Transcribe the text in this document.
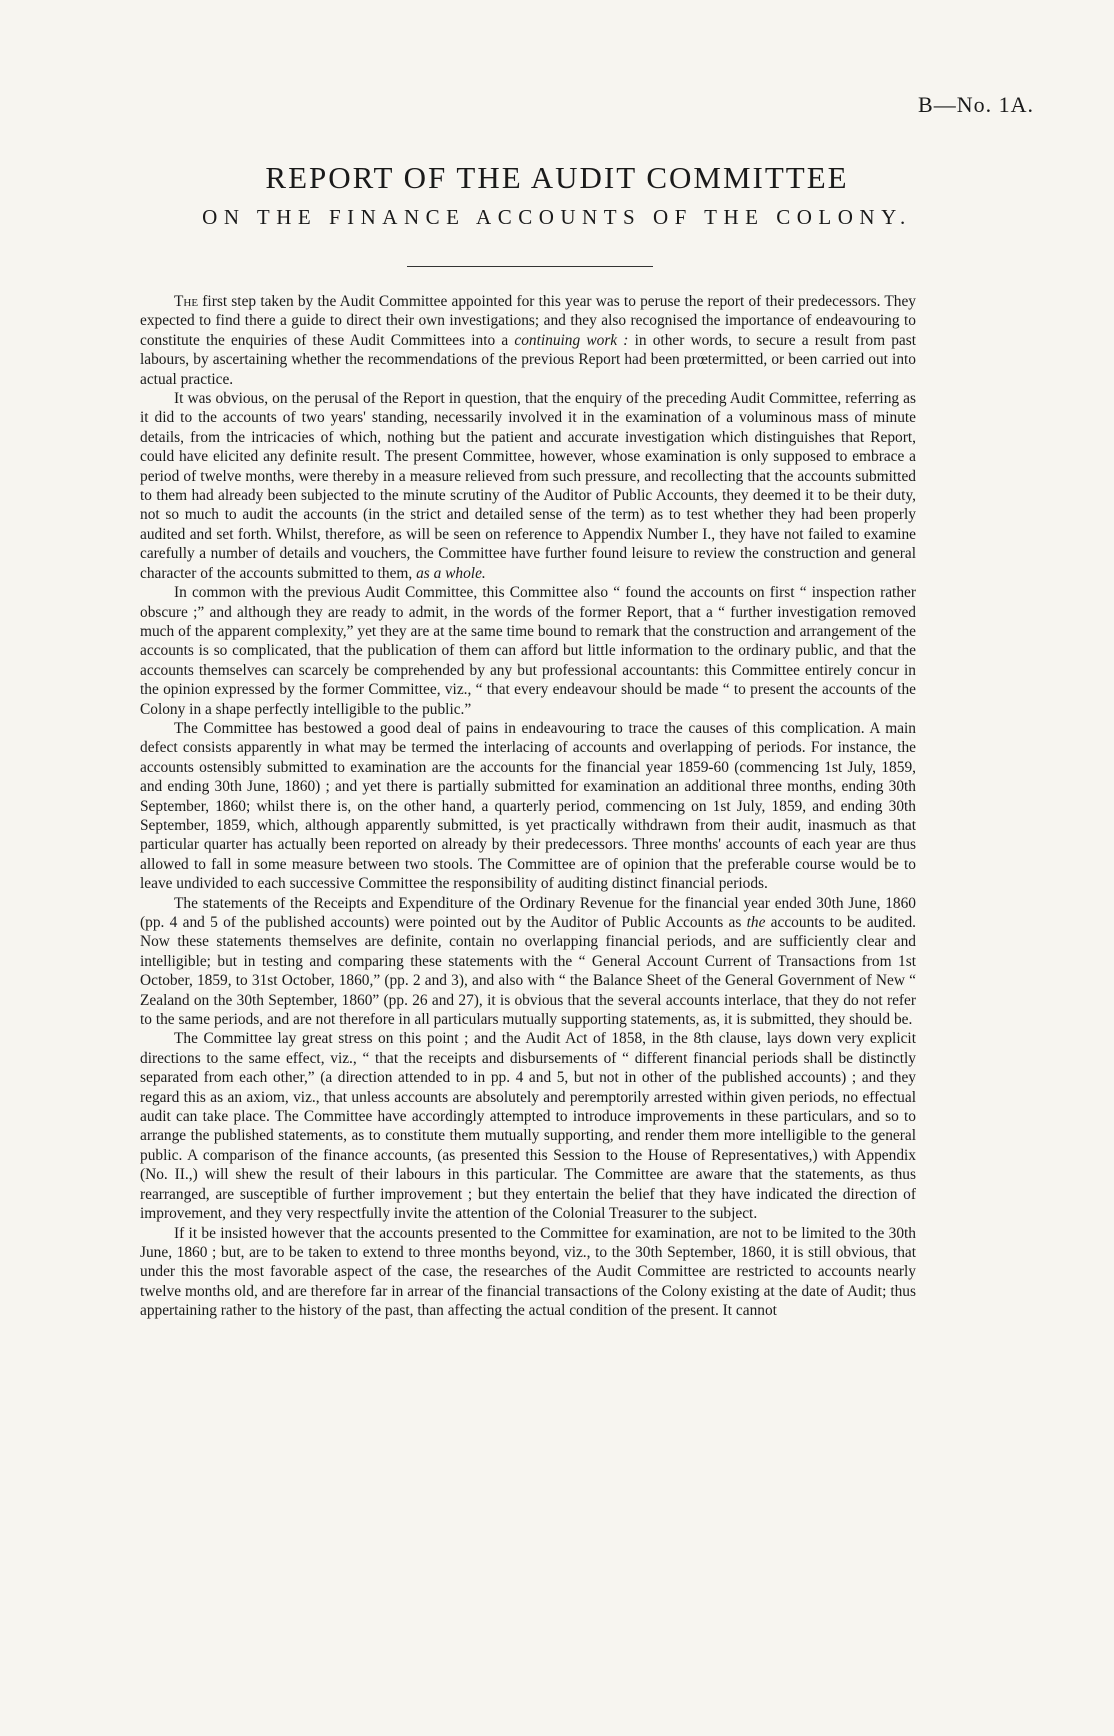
B—No. 1A.
REPORT OF THE AUDIT COMMITTEE
ON THE FINANCE ACCOUNTS OF THE COLONY.

The first step taken by the Audit Committee appointed for this year was to peruse the report of their predecessors. They expected to find there a guide to direct their own investigations; and they also recognised the importance of endeavouring to constitute the enquiries of these Audit Committees into a continuing work : in other words, to secure a result from past labours, by ascertaining whether the recommendations of the previous Report had been prœtermitted, or been carried out into actual practice.

It was obvious, on the perusal of the Report in question, that the enquiry of the preceding Audit Committee, referring as it did to the accounts of two years' standing, necessarily involved it in the examination of a voluminous mass of minute details, from the intricacies of which, nothing but the patient and accurate investigation which distinguishes that Report, could have elicited any definite result. The present Committee, however, whose examination is only supposed to embrace a period of twelve months, were thereby in a measure relieved from such pressure, and recollecting that the accounts submitted to them had already been subjected to the minute scrutiny of the Auditor of Public Accounts, they deemed it to be their duty, not so much to audit the accounts (in the strict and detailed sense of the term) as to test whether they had been properly audited and set forth. Whilst, therefore, as will be seen on reference to Appendix Number I., they have not failed to examine carefully a number of details and vouchers, the Committee have further found leisure to review the construction and general character of the accounts submitted to them, as a whole.

In common with the previous Audit Committee, this Committee also “ found the accounts on first “ inspection rather obscure ;” and although they are ready to admit, in the words of the former Report, that a “ further investigation removed much of the apparent complexity,” yet they are at the same time bound to remark that the construction and arrangement of the accounts is so complicated, that the publication of them can afford but little information to the ordinary public, and that the accounts themselves can scarcely be comprehended by any but professional accountants: this Committee entirely concur in the opinion expressed by the former Committee, viz., “ that every endeavour should be made “ to present the accounts of the Colony in a shape perfectly intelligible to the public.”

The Committee has bestowed a good deal of pains in endeavouring to trace the causes of this complication. A main defect consists apparently in what may be termed the interlacing of accounts and overlapping of periods. For instance, the accounts ostensibly submitted to examination are the accounts for the financial year 1859-60 (commencing 1st July, 1859, and ending 30th June, 1860) ; and yet there is partially submitted for examination an additional three months, ending 30th September, 1860; whilst there is, on the other hand, a quarterly period, commencing on 1st July, 1859, and ending 30th September, 1859, which, although apparently submitted, is yet practically withdrawn from their audit, inasmuch as that particular quarter has actually been reported on already by their predecessors. Three months' accounts of each year are thus allowed to fall in some measure between two stools. The Committee are of opinion that the preferable course would be to leave undivided to each successive Committee the responsibility of auditing distinct financial periods.

The statements of the Receipts and Expenditure of the Ordinary Revenue for the financial year ended 30th June, 1860 (pp. 4 and 5 of the published accounts) were pointed out by the Auditor of Public Accounts as the accounts to be audited. Now these statements themselves are definite, contain no overlapping financial periods, and are sufficiently clear and intelligible; but in testing and comparing these statements with the “ General Account Current of Transactions from 1st October, 1859, to 31st October, 1860,” (pp. 2 and 3), and also with “ the Balance Sheet of the General Government of New “ Zealand on the 30th September, 1860” (pp. 26 and 27), it is obvious that the several accounts interlace, that they do not refer to the same periods, and are not therefore in all particulars mutually supporting statements, as, it is submitted, they should be.

The Committee lay great stress on this point ; and the Audit Act of 1858, in the 8th clause, lays down very explicit directions to the same effect, viz., “ that the receipts and disbursements of “ different financial periods shall be distinctly separated from each other,” (a direction attended to in pp. 4 and 5, but not in other of the published accounts) ; and they regard this as an axiom, viz., that unless accounts are absolutely and peremptorily arrested within given periods, no effectual audit can take place. The Committee have accordingly attempted to introduce improvements in these particulars, and so to arrange the published statements, as to constitute them mutually supporting, and render them more intelligible to the general public. A comparison of the finance accounts, (as presented this Session to the House of Representatives,) with Appendix (No. II.,) will shew the result of their labours in this particular. The Committee are aware that the statements, as thus rearranged, are susceptible of further improvement ; but they entertain the belief that they have indicated the direction of improvement, and they very respectfully invite the attention of the Colonial Treasurer to the subject.

If it be insisted however that the accounts presented to the Committee for examination, are not to be limited to the 30th June, 1860 ; but, are to be taken to extend to three months beyond, viz., to the 30th September, 1860, it is still obvious, that under this the most favorable aspect of the case, the researches of the Audit Committee are restricted to accounts nearly twelve months old, and are therefore far in arrear of the financial transactions of the Colony existing at the date of Audit; thus appertaining rather to the history of the past, than affecting the actual condition of the present. It cannot
